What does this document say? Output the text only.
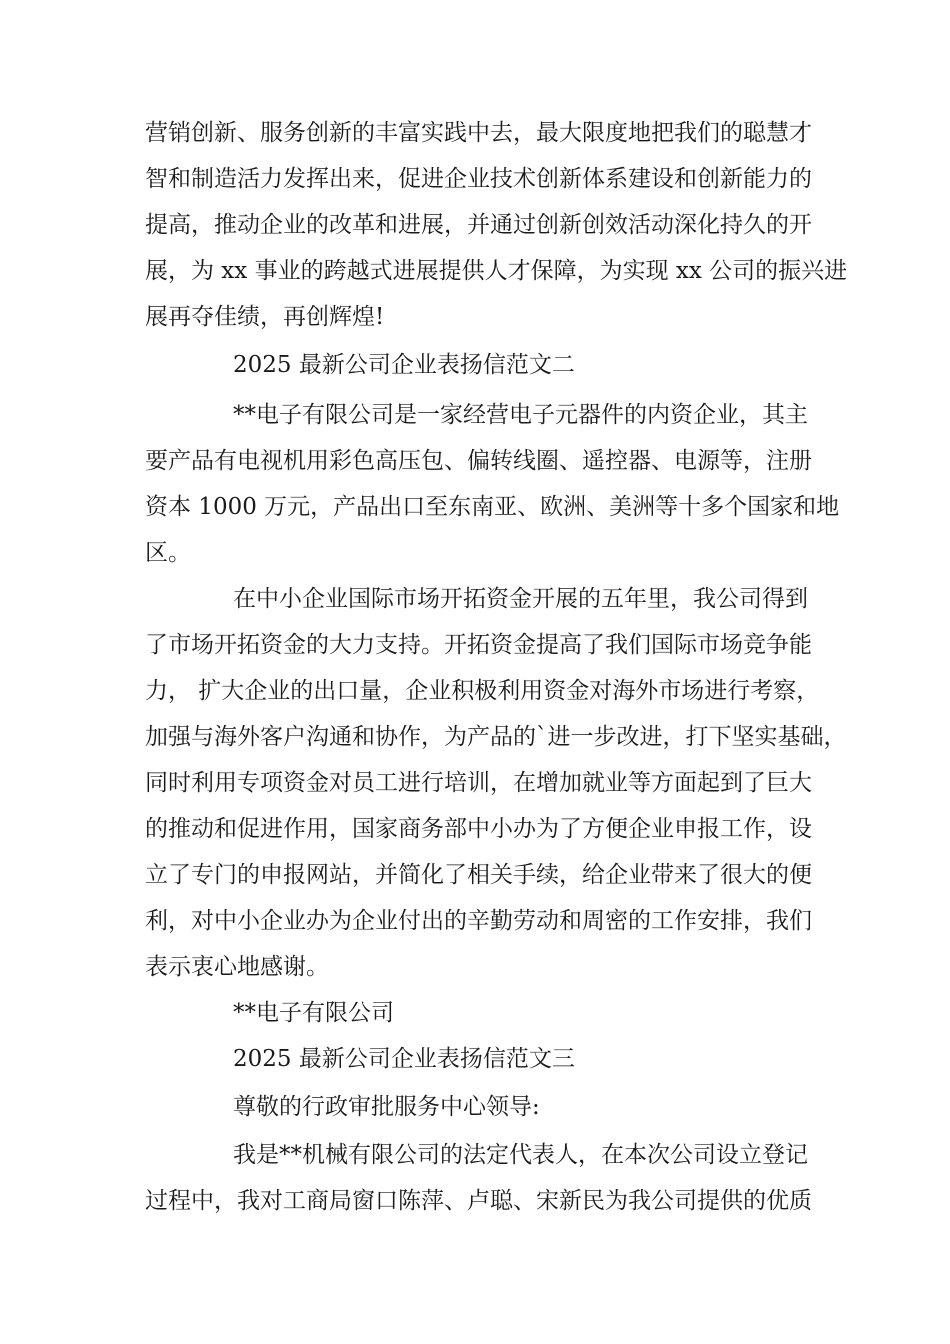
营销创新、服务创新的丰富实践中去，最大限度地把我们的聪慧才
智和制造活力发挥出来，促进企业技术创新体系建设和创新能力的
提高，推动企业的改革和进展，并通过创新创效活动深化持久的开
展，为 xx 事业的跨越式进展提供人才保障，为实现 xx 公司的振兴进
展再夺佳绩，再创辉煌!
2025 最新公司企业表扬信范文二
**电子有限公司是一家经营电子元器件的内资企业，其主
要产品有电视机用彩色高压包、偏转线圈、遥控器、电源等，注册
资本 1000 万元，产品出口至东南亚、欧洲、美洲等十多个国家和地
区。
在中小企业国际市场开拓资金开展的五年里，我公司得到
了市场开拓资金的大力支持。开拓资金提高了我们国际市场竞争能
力， 扩大企业的出口量，企业积极利用资金对海外市场进行考察，
加强与海外客户沟通和协作，为产品的`进一步改进，打下坚实基础，
同时利用专项资金对员工进行培训，在增加就业等方面起到了巨大
的推动和促进作用，国家商务部中小办为了方便企业申报工作，设
立了专门的申报网站，并简化了相关手续，给企业带来了很大的便
利，对中小企业办为企业付出的辛勤劳动和周密的工作安排，我们
表示衷心地感谢。
**电子有限公司
2025 最新公司企业表扬信范文三
尊敬的行政审批服务中心领导:
我是**机械有限公司的法定代表人，在本次公司设立登记
过程中，我对工商局窗口陈萍、卢聪、宋新民为我公司提供的优质
